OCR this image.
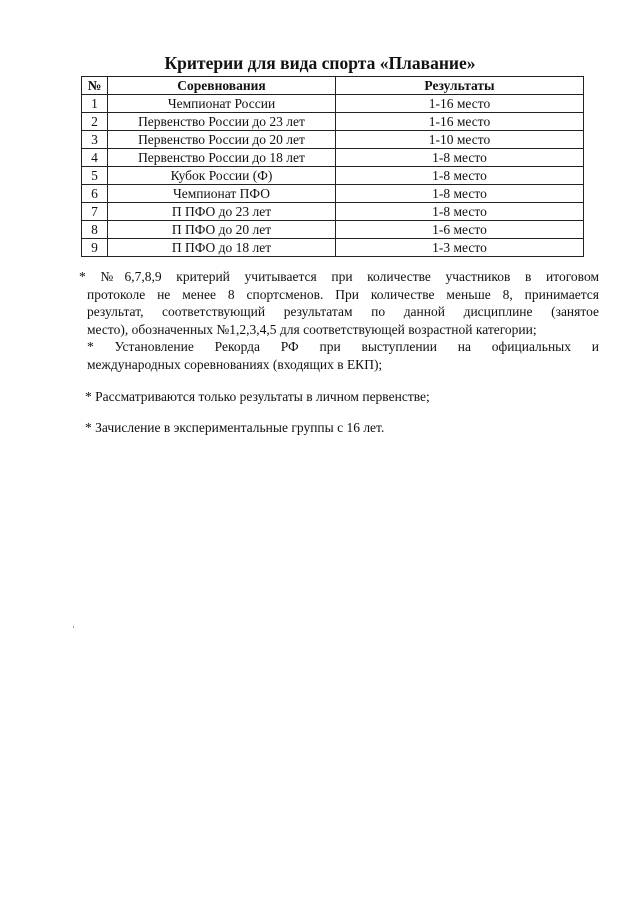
Критерии для вида спорта «Плавание»
№	Соревнования	Результаты
1	Чемпионат России	1-16 место
2	Первенство России до 23 лет	1-16 место
3	Первенство России до 20 лет	1-10 место
4	Первенство России до 18 лет	1-8 место
5	Кубок России (Ф)	1-8 место
6	Чемпионат ПФО	1-8 место
7	П ПФО до 23 лет	1-8 место
8	П ПФО до 20 лет	1-6 место
9	П ПФО до 18 лет	1-3 место
* №6,7,8,9 критерий учитывается при количестве участников в итоговом
протоколе не менее 8 спортсменов. При количестве меньше 8, принимается
результат, соответствующий результатам по данной дисциплине (занятое
место), обозначенных №1,2,3,4,5 для соответствующей возрастной категории;
* Установление Рекорда РФ при выступлении на официальных и
международных соревнованиях (входящих в ЕКП);
* Рассматриваются только результаты в личном первенстве;
* Зачисление в экспериментальные группы с 16 лет.
